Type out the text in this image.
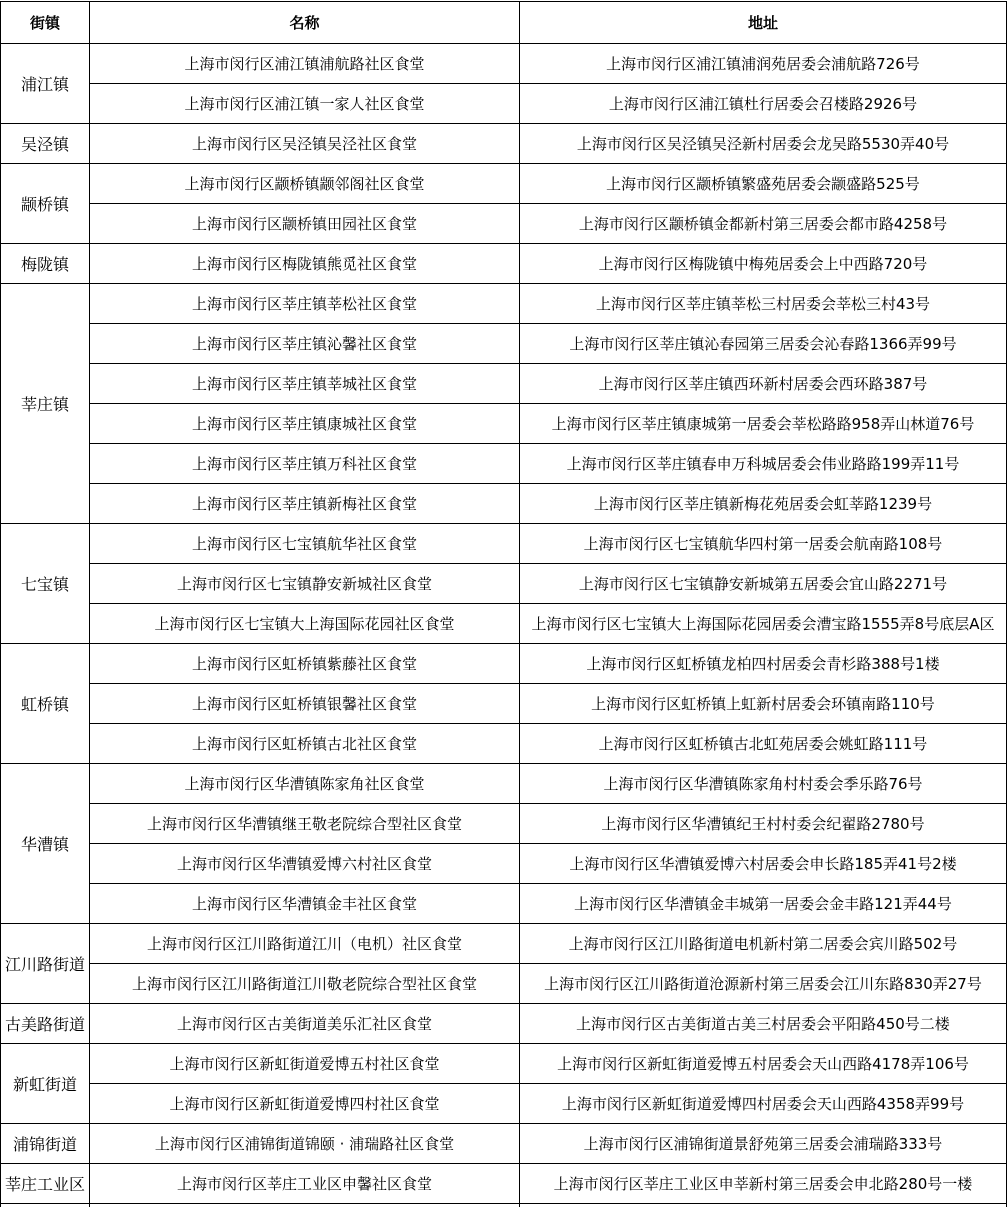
街镇	名称	地址
浦江镇	上海市闵行区浦江镇浦航路社区食堂	上海市闵行区浦江镇浦润苑居委会浦航路726号
	上海市闵行区浦江镇一家人社区食堂	上海市闵行区浦江镇杜行居委会召楼路2926号
吴泾镇	上海市闵行区吴泾镇吴泾社区食堂	上海市闵行区吴泾镇吴泾新村居委会龙吴路5530弄40号
颛桥镇	上海市闵行区颛桥镇颛邻阁社区食堂	上海市闵行区颛桥镇繁盛苑居委会颛盛路525号
	上海市闵行区颛桥镇田园社区食堂	上海市闵行区颛桥镇金都新村第三居委会都市路4258号
梅陇镇	上海市闵行区梅陇镇熊觅社区食堂	上海市闵行区梅陇镇中梅苑居委会上中西路720号
莘庄镇	上海市闵行区莘庄镇莘松社区食堂	上海市闵行区莘庄镇莘松三村居委会莘松三村43号
	上海市闵行区莘庄镇沁馨社区食堂	上海市闵行区莘庄镇沁春园第三居委会沁春路1366弄99号
	上海市闵行区莘庄镇莘城社区食堂	上海市闵行区莘庄镇西环新村居委会西环路387号
	上海市闵行区莘庄镇康城社区食堂	上海市闵行区莘庄镇康城第一居委会莘松路路958弄山林道76号
	上海市闵行区莘庄镇万科社区食堂	上海市闵行区莘庄镇春申万科城居委会伟业路路199弄11号
	上海市闵行区莘庄镇新梅社区食堂	上海市闵行区莘庄镇新梅花苑居委会虹莘路1239号
七宝镇	上海市闵行区七宝镇航华社区食堂	上海市闵行区七宝镇航华四村第一居委会航南路108号
	上海市闵行区七宝镇静安新城社区食堂	上海市闵行区七宝镇静安新城第五居委会宜山路2271号
	上海市闵行区七宝镇大上海国际花园社区食堂	上海市闵行区七宝镇大上海国际花园居委会漕宝路1555弄8号底层A区
虹桥镇	上海市闵行区虹桥镇紫藤社区食堂	上海市闵行区虹桥镇龙柏四村居委会青杉路388号1楼
	上海市闵行区虹桥镇银馨社区食堂	上海市闵行区虹桥镇上虹新村居委会环镇南路110号
	上海市闵行区虹桥镇古北社区食堂	上海市闵行区虹桥镇古北虹苑居委会姚虹路111号
华漕镇	上海市闵行区华漕镇陈家角社区食堂	上海市闵行区华漕镇陈家角村村委会季乐路76号
	上海市闵行区华漕镇继王敬老院综合型社区食堂	上海市闵行区华漕镇纪王村村委会纪翟路2780号
	上海市闵行区华漕镇爱博六村社区食堂	上海市闵行区华漕镇爱博六村居委会申长路185弄41号2楼
	上海市闵行区华漕镇金丰社区食堂	上海市闵行区华漕镇金丰城第一居委会金丰路121弄44号
江川路街道	上海市闵行区江川路街道江川（电机）社区食堂	上海市闵行区江川路街道电机新村第二居委会宾川路502号
	上海市闵行区江川路街道江川敬老院综合型社区食堂	上海市闵行区江川路街道沧源新村第三居委会江川东路830弄27号
古美路街道	上海市闵行区古美街道美乐汇社区食堂	上海市闵行区古美街道古美三村居委会平阳路450号二楼
新虹街道	上海市闵行区新虹街道爱博五村社区食堂	上海市闵行区新虹街道爱博五村居委会天山西路4178弄106号
	上海市闵行区新虹街道爱博四村社区食堂	上海市闵行区新虹街道爱博四村居委会天山西路4358弄99号
浦锦街道	上海市闵行区浦锦街道锦颐 · 浦瑞路社区食堂	上海市闵行区浦锦街道景舒苑第三居委会浦瑞路333号
莘庄工业区	上海市闵行区莘庄工业区申馨社区食堂	上海市闵行区莘庄工业区申莘新村第三居委会申北路280号一楼
